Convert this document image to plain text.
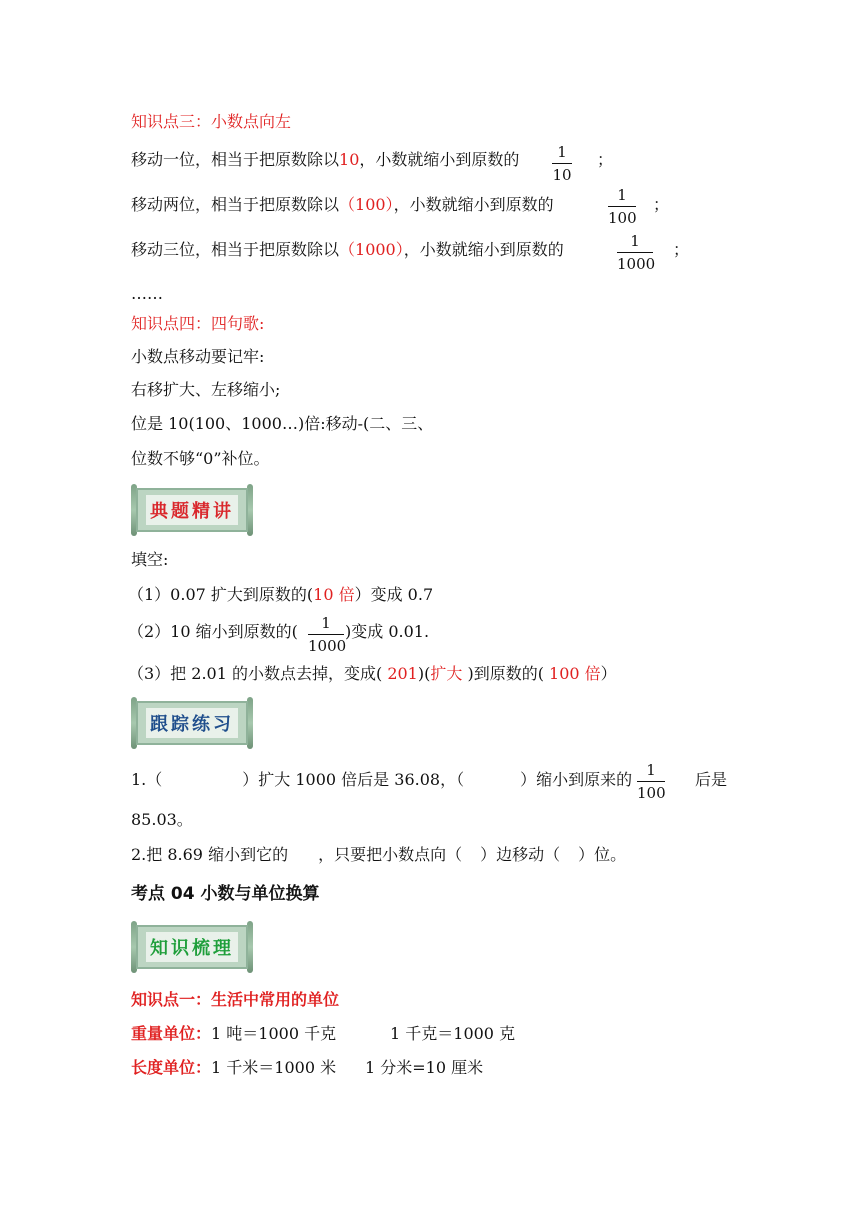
知识点三：小数点向左
移动一位，相当于把原数除以10，小数就缩小到原数的	1
10
；
移动两位，相当于把原数除以（100），小数就缩小到原数的	1
100
；
移动三位，相当于把原数除以（1000），小数就缩小到原数的	1
1000
；
……
知识点四：四句歌:
小数点移动要记牢:
右移扩大、左移缩小;
位是 10(100、1000…)倍:移动-(二、三、
位数不够“0”补位。
典题精讲
填空:
（1）0.07 扩大到原数的(10 倍）变成 0.7
（2）10 缩小到原数的(	1
1000
)变成 0.01.
（3）把 2.01 的小数点去掉，变成( 201)(扩大 )到原数的( 100 倍）
跟踪练习
1.（	）扩大 1000 倍后是 36.08，（	）缩小到原来的 1
100
后是
85.03。
2.把 8.69 缩小到它的 ，只要把小数点向（ ）边移动（ ）位。
考点 04 小数与单位换算
知识梳理
知识点一：生活中常用的单位
重量单位：1 吨＝1000 千克	1 千克＝1000 克
长度单位：1 千米＝1000 米 1 分米=10 厘米
